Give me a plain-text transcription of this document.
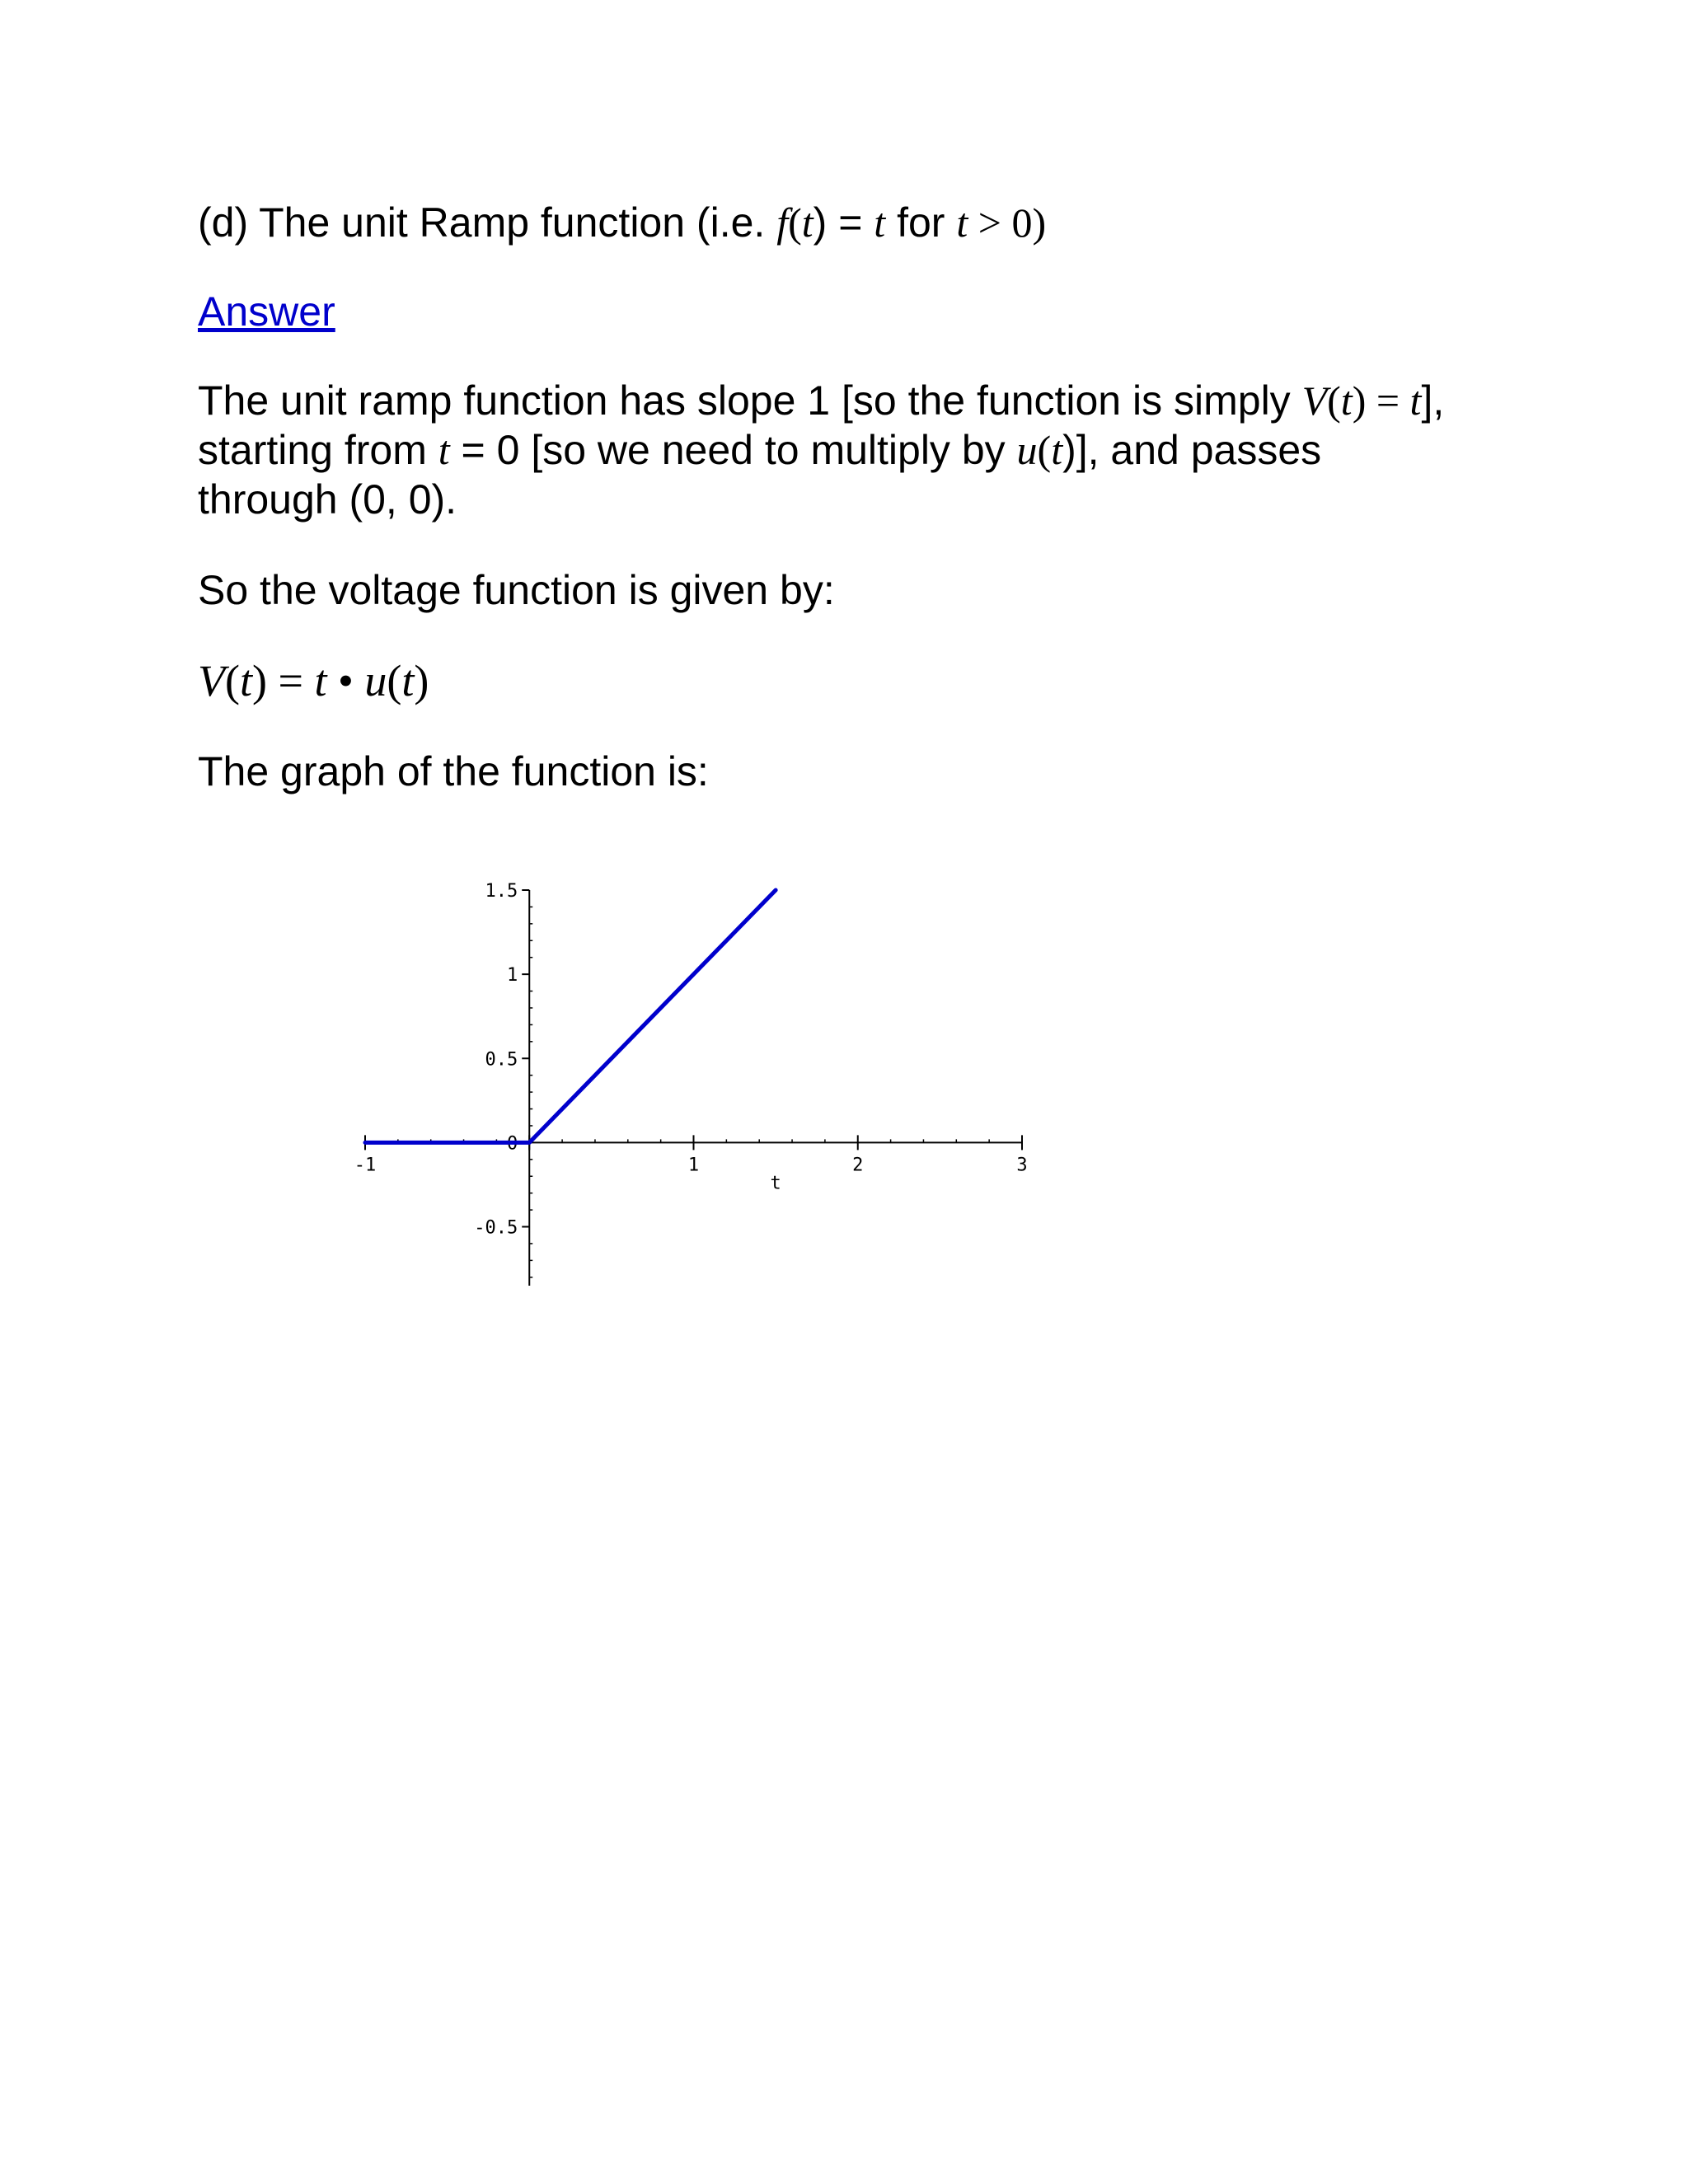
(d) The unit Ramp function (i.e. f(t) = t for t > 0)

Answer

The unit ramp function has slope 1 [so the function is simply V(t) = t],
starting from t = 0 [so we need to multiply by u(t)], and passes
through (0, 0).

So the voltage function is given by:

V(t) = t • u(t)

The graph of the function is:

-1	1	2	3
1.5
1
0.5
0
-0.5
t
